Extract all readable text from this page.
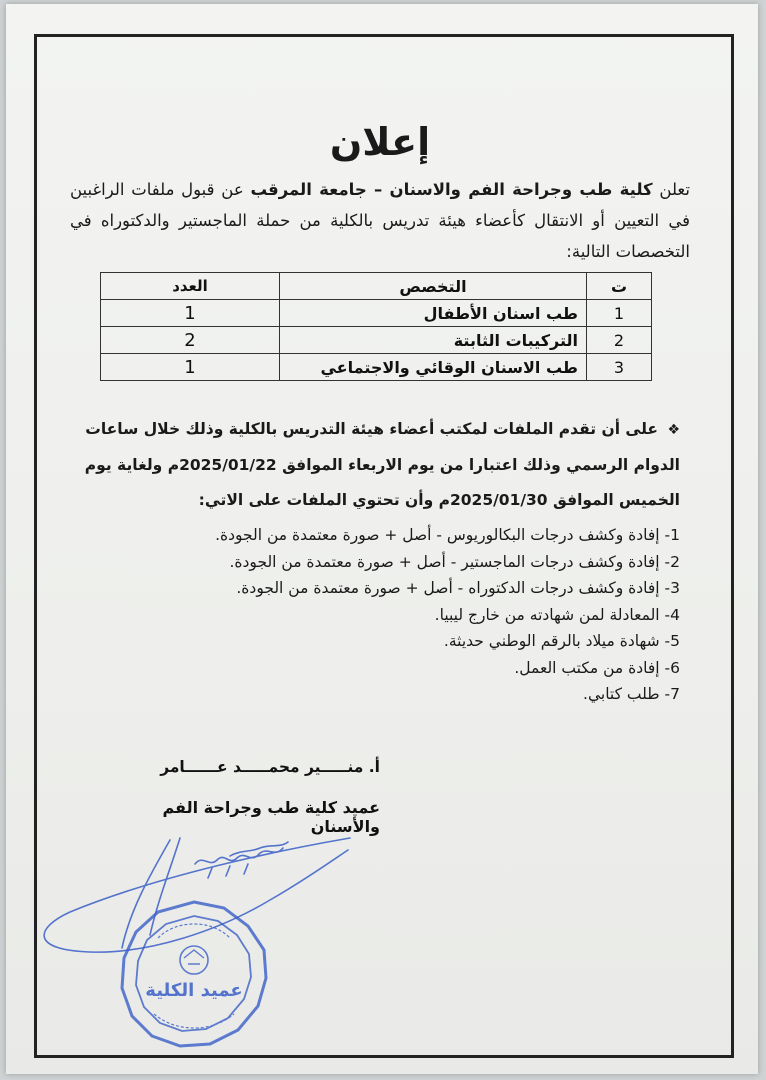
إعلان

تعلن كلية طب وجراحة الفم والاسنان – جامعة المرقب عن قبول ملفات الراغبين في التعيين أو الانتقال كأعضاء هيئة تدريس بالكلية من حملة الماجستير والدكتوراه في التخصصات التالية:

ت	التخصص	العدد
1	طب اسنان الأطفال	1
2	التركيبات الثابتة	2
3	طب الاسنان الوقائي والاجتماعي	1

❖ على أن تقدم الملفات لمكتب أعضاء هيئة التدريس بالكلية وذلك خلال ساعات الدوام الرسمي وذلك اعتبارا من يوم الاربعاء الموافق 2025/01/22م ولغاية يوم الخميس الموافق 2025/01/30م وأن تحتوي الملفات على الاتي:

1- إفادة وكشف درجات البكالوريوس - أصل + صورة معتمدة من الجودة.
2- إفادة وكشف درجات الماجستير - أصل + صورة معتمدة من الجودة.
3- إفادة وكشف درجات الدكتوراه - أصل + صورة معتمدة من الجودة.
4- المعادلة لمن شهادته من خارج ليبيا.
5- شهادة ميلاد بالرقم الوطني حديثة.
6- إفادة من مكتب العمل.
7- طلب كتابي.

أ. منـــــير محمـــــد عــــــامر

عميد كلية طب وجراحة الفم والأسنان

عميد الكلية
